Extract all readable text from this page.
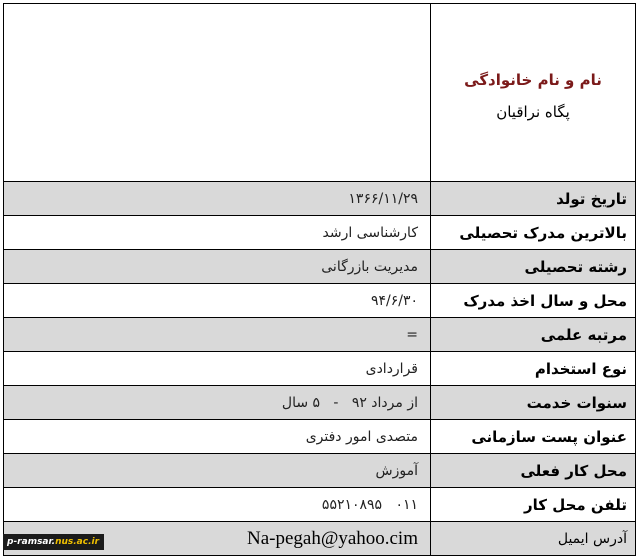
نام و نام خانوادگی
پگاه نراقیان
تاریخ تولد
۱۳۶۶/۱۱/۲۹
بالاترین مدرک تحصیلی
کارشناسی ارشد
رشته تحصیلی
مدیریت بازرگانی
محل و سال اخذ مدرک
۹۴/۶/۳۰
مرتبه علمی
=
نوع استخدام
قراردادی
سنوات خدمت
از مرداد ۹۲   -   ۵ سال
عنوان پست سازمانی
متصدی امور دفتری
محل کار فعلی
آموزش
تلفن محل کار
۰۱۱   ۵۵۲۱۰۸۹۵
آدرس ایمیل
Na-pegah@yahoo.cim
p-ramsar.nus.ac.ir
